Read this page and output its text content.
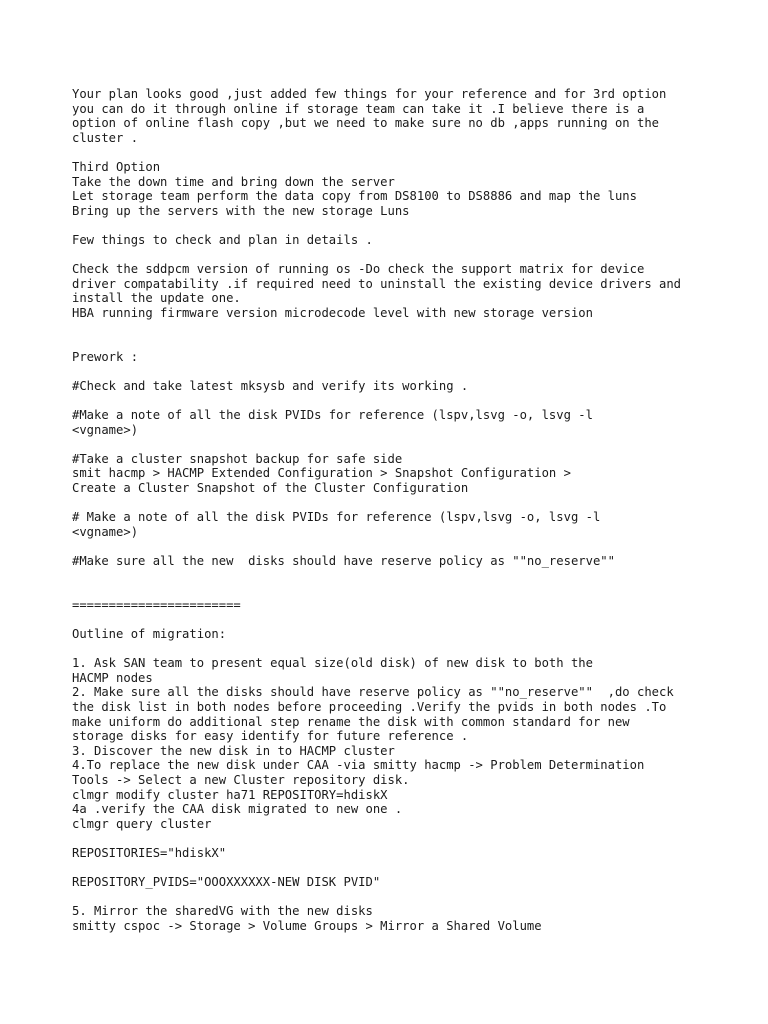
Your plan looks good ,just added few things for your reference and for 3rd option
you can do it through online if storage team can take it .I believe there is a
option of online flash copy ,but we need to make sure no db ,apps running on the
cluster .
Third Option
Take the down time and bring down the server
Let storage team perform the data copy from DS8100 to DS8886 and map the luns
Bring up the servers with the new storage Luns
Few things to check and plan in details .
Check the sddpcm version of running os -Do check the support matrix for device
driver compatability .if required need to uninstall the existing device drivers and
install the update one.
HBA running firmware version microdecode level with new storage version
Prework :
#Check and take latest mksysb and verify its working .
#Make a note of all the disk PVIDs for reference (lspv,lsvg -o, lsvg -l
<vgname>)
#Take a cluster snapshot backup for safe side
smit hacmp > HACMP Extended Configuration > Snapshot Configuration >
Create a Cluster Snapshot of the Cluster Configuration
# Make a note of all the disk PVIDs for reference (lspv,lsvg -o, lsvg -l
<vgname>)
#Make sure all the new  disks should have reserve policy as ""no_reserve""
=======================
Outline of migration:
1. Ask SAN team to present equal size(old disk) of new disk to both the
HACMP nodes
2. Make sure all the disks should have reserve policy as ""no_reserve""  ,do check
the disk list in both nodes before proceeding .Verify the pvids in both nodes .To
make uniform do additional step rename the disk with common standard for new
storage disks for easy identify for future reference .
3. Discover the new disk in to HACMP cluster
4.To replace the new disk under CAA -via smitty hacmp -> Problem Determination
Tools -> Select a new Cluster repository disk.
clmgr modify cluster ha71 REPOSITORY=hdiskX
4a .verify the CAA disk migrated to new one .
clmgr query cluster
REPOSITORIES="hdiskX"
REPOSITORY_PVIDS="OOOXXXXXX-NEW DISK PVID"
5. Mirror the sharedVG with the new disks
smitty cspoc -> Storage > Volume Groups > Mirror a Shared Volume
